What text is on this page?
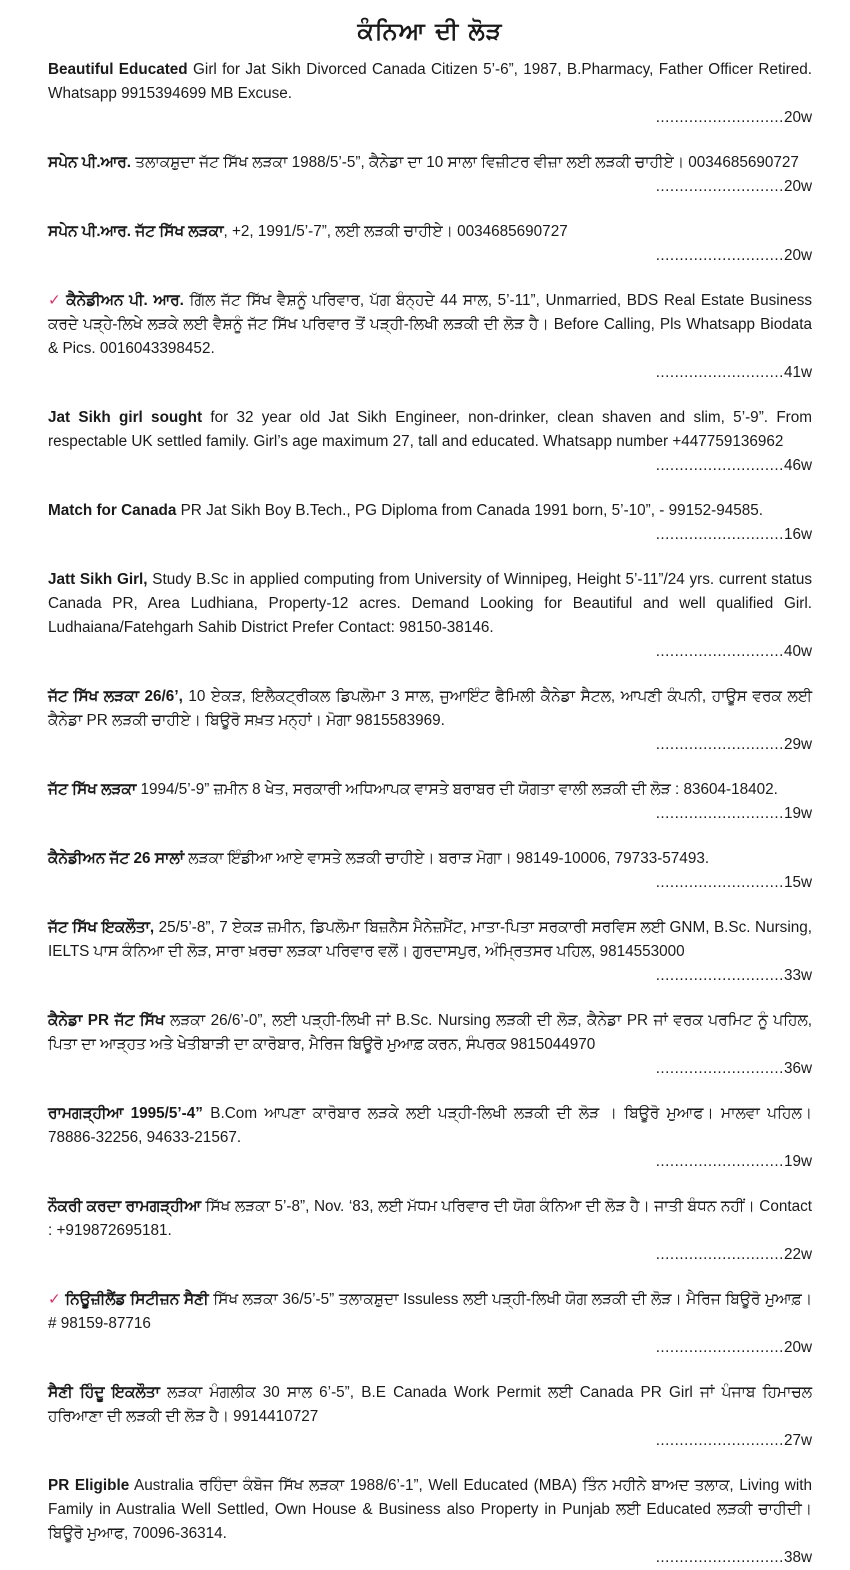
ਕੰਨਿਆ ਦੀ ਲੋੜ
Beautiful Educated Girl for Jat Sikh Divorced Canada Citizen 5’-6”, 1987, B.Pharmacy, Father Officer Retired. Whatsapp 9915394699 MB Excuse.
...........................20w
ਸਪੇਨ ਪੀ.ਆਰ. ਤਲਾਕਸ਼ੁਦਾ ਜੱਟ ਸਿੱਖ ਲੜਕਾ 1988/5’-5”, ਕੈਨੇਡਾ ਦਾ 10 ਸਾਲਾ ਵਿਜ਼ੀਟਰ ਵੀਜ਼ਾ ਲਈ ਲੜਕੀ ਚਾਹੀਏ। 0034685690727
...........................20w
ਸਪੇਨ ਪੀ.ਆਰ. ਜੱਟ ਸਿੱਖ ਲੜਕਾ, +2, 1991/5’-7”, ਲਈ ਲੜਕੀ ਚਾਹੀਏ। 0034685690727
...........................20w
✓ ਕੈਨੇਡੀਅਨ ਪੀ. ਆਰ. ਗਿੱਲ ਜੱਟ ਸਿੱਖ ਵੈਸ਼ਨੂੰ ਪਰਿਵਾਰ, ਪੱਗ ਬੰਨ੍ਹਦੇ 44 ਸਾਲ, 5’-11”, Unmarried, BDS Real Estate Business ਕਰਦੇ ਪੜ੍ਹੇ-ਲਿਖੇ ਲੜਕੇ ਲਈ ਵੈਸ਼ਨੂੰ ਜੱਟ ਸਿੱਖ ਪਰਿਵਾਰ ਤੋਂ ਪੜ੍ਹੀ-ਲਿਖੀ ਲੜਕੀ ਦੀ ਲੋੜ ਹੈ। Before Calling, Pls Whatsapp Biodata & Pics. 0016043398452.
...........................41w
Jat Sikh girl sought for 32 year old Jat Sikh Engineer, non-drinker, clean shaven and slim, 5’-9”. From respectable UK settled family. Girl’s age maximum 27, tall and educated. Whatsapp number +447759136962
...........................46w
Match for Canada PR Jat Sikh Boy B.Tech., PG Diploma from Canada 1991 born, 5’-10”, - 99152-94585.
...........................16w
Jatt Sikh Girl, Study B.Sc in applied computing from University of Winnipeg, Height 5’-11”/24 yrs. current status Canada PR, Area Ludhiana, Property-12 acres. Demand Looking for Beautiful and well qualified Girl. Ludhaiana/Fatehgarh Sahib District Prefer Contact: 98150-38146.
...........................40w
ਜੱਟ ਸਿੱਖ ਲੜਕਾ 26/6’, 10 ਏਕੜ, ਇਲੈਕਟ੍ਰੀਕਲ ਡਿਪਲੋਮਾ 3 ਸਾਲ, ਜੁਆਇੰਟ ਫੈਮਿਲੀ ਕੈਨੇਡਾ ਸੈਟਲ, ਆਪਣੀ ਕੰਪਨੀ, ਹਾਊਸ ਵਰਕ ਲਈ ਕੈਨੇਡਾ PR ਲੜਕੀ ਚਾਹੀਏ। ਬਿਊਰੋ ਸਖ਼ਤ ਮਨ੍ਹਾਂ। ਮੋਗਾ 9815583969.
...........................29w
ਜੱਟ ਸਿੱਖ ਲੜਕਾ 1994/5’-9” ਜ਼ਮੀਨ 8 ਖੇਤ, ਸਰਕਾਰੀ ਅਧਿਆਪਕ ਵਾਸਤੇ ਬਰਾਬਰ ਦੀ ਯੋਗਤਾ ਵਾਲੀ ਲੜਕੀ ਦੀ ਲੋੜ : 83604-18402.
...........................19w
ਕੈਨੇਡੀਅਨ ਜੱਟ 26 ਸਾਲਾਂ ਲੜਕਾ ਇੰਡੀਆ ਆਏ ਵਾਸਤੇ ਲੜਕੀ ਚਾਹੀਏ। ਬਰਾੜ ਮੋਗਾ। 98149-10006, 79733-57493.
...........................15w
ਜੱਟ ਸਿੱਖ ਇਕਲੌਤਾ, 25/5’-8”, 7 ਏਕੜ ਜ਼ਮੀਨ, ਡਿਪਲੋਮਾ ਬਿਜ਼ਨੈਸ ਮੈਨੇਜ਼ਮੈਂਟ, ਮਾਤਾ-ਪਿਤਾ ਸਰਕਾਰੀ ਸਰਵਿਸ ਲਈ GNM, B.Sc. Nursing, IELTS ਪਾਸ ਕੰਨਿਆ ਦੀ ਲੋੜ, ਸਾਰਾ ਖ਼ਰਚਾ ਲੜਕਾ ਪਰਿਵਾਰ ਵਲੋਂ। ਗੁਰਦਾਸਪੁਰ, ਅੰਮ੍ਰਿਤਸਰ ਪਹਿਲ, 9814553000
...........................33w
ਕੈਨੇਡਾ PR ਜੱਟ ਸਿੱਖ ਲੜਕਾ 26/6’-0”, ਲਈ ਪੜ੍ਹੀ-ਲਿਖੀ ਜਾਂ B.Sc. Nursing ਲੜਕੀ ਦੀ ਲੋੜ, ਕੈਨੇਡਾ PR ਜਾਂ ਵਰਕ ਪਰਮਿਟ ਨੂੰ ਪਹਿਲ, ਪਿਤਾ ਦਾ ਆੜ੍ਹਤ ਅਤੇ ਖੇਤੀਬਾੜੀ ਦਾ ਕਾਰੋਬਾਰ, ਮੈਰਿਜ ਬਿਊਰੋ ਮੁਆਫ਼ ਕਰਨ, ਸੰਪਰਕ 9815044970
...........................36w
ਰਾਮਗੜ੍ਹੀਆ 1995/5’-4” B.Com ਆਪਣਾ ਕਾਰੋਬਾਰ ਲੜਕੇ ਲਈ ਪੜ੍ਹੀ-ਲਿਖੀ ਲੜਕੀ ਦੀ ਲੋੜ । ਬਿਊਰੋ ਮੁਆਫ। ਮਾਲਵਾ ਪਹਿਲ। 78886-32256, 94633-21567.
...........................19w
ਨੌਕਰੀ ਕਰਦਾ ਰਾਮਗੜ੍ਹੀਆ ਸਿੱਖ ਲੜਕਾ 5’-8”, Nov. ‘83, ਲਈ ਮੱਧਮ ਪਰਿਵਾਰ ਦੀ ਯੋਗ ਕੰਨਿਆ ਦੀ ਲੋੜ ਹੈ। ਜਾਤੀ ਬੰਧਨ ਨਹੀਂ। Contact : +919872695181.
...........................22w
✓ ਨਿਊਜ਼ੀਲੈਂਡ ਸਿਟੀਜ਼ਨ ਸੈਣੀ ਸਿੱਖ ਲੜਕਾ 36/5’-5” ਤਲਾਕਸ਼ੁਦਾ Issuless ਲਈ ਪੜ੍ਹੀ-ਲਿਖੀ ਯੋਗ ਲੜਕੀ ਦੀ ਲੋੜ। ਮੈਰਿਜ ਬਿਊਰੋ ਮੁਆਫ਼। # 98159-87716
...........................20w
ਸੈਣੀ ਹਿੰਦੂ ਇਕਲੌਤਾ ਲੜਕਾ ਮੰਗਲੀਕ 30 ਸਾਲ 6’-5”, B.E Canada Work Permit ਲਈ Canada PR Girl ਜਾਂ ਪੰਜਾਬ ਹਿਮਾਚਲ ਹਰਿਆਣਾ ਦੀ ਲੜਕੀ ਦੀ ਲੋੜ ਹੈ। 9914410727
...........................27w
PR Eligible Australia ਰਹਿੰਦਾ ਕੰਬੋਜ ਸਿੱਖ ਲੜਕਾ 1988/6’-1”, Well Educated (MBA) ਤਿੰਨ ਮਹੀਨੇ ਬਾਅਦ ਤਲਾਕ, Living with Family in Australia Well Settled, Own House & Business also Property in Punjab ਲਈ Educated ਲੜਕੀ ਚਾਹੀਦੀ। ਬਿਊਰੋ ਮੁਆਫ, 70096-36314.
...........................38w
